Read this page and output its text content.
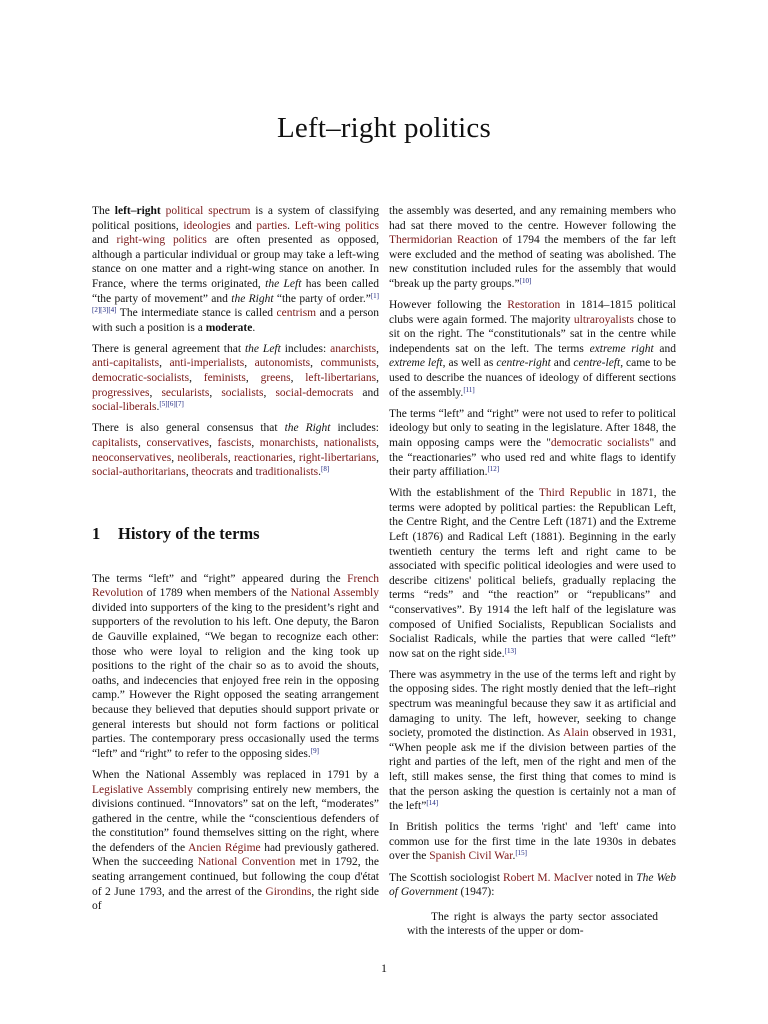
Left–right politics

The left–right political spectrum is a system of classifying political positions, ideologies and parties. Left-wing politics and right-wing politics are often presented as opposed, although a particular individual or group may take a left-wing stance on one matter and a right-wing stance on another. In France, where the terms originated, the Left has been called “the party of movement” and the Right “the party of order.”[1][2][3][4] The intermediate stance is called centrism and a person with such a position is a moderate.

There is general agreement that the Left includes: anarchists, anti-capitalists, anti-imperialists, autonomists, communists, democratic-socialists, feminists, greens, left-libertarians, progressives, secularists, socialists, social-democrats and social-liberals.[5][6][7]

There is also general consensus that the Right includes: capitalists, conservatives, fascists, monarchists, nationalists, neoconservatives, neoliberals, reactionaries, right-libertarians, social-authoritarians, theocrats and traditionalists.[8]

1 History of the terms

The terms “left” and “right” appeared during the French Revolution of 1789 when members of the National Assembly divided into supporters of the king to the president’s right and supporters of the revolution to his left. One deputy, the Baron de Gauville explained, “We began to recognize each other: those who were loyal to religion and the king took up positions to the right of the chair so as to avoid the shouts, oaths, and indecencies that enjoyed free rein in the opposing camp.” However the Right opposed the seating arrangement because they believed that deputies should support private or general interests but should not form factions or political parties. The contemporary press occasionally used the terms “left” and “right” to refer to the opposing sides.[9]

When the National Assembly was replaced in 1791 by a Legislative Assembly comprising entirely new members, the divisions continued. “Innovators” sat on the left, “moderates” gathered in the centre, while the “conscientious defenders of the constitution” found themselves sitting on the right, where the defenders of the Ancien Régime had previously gathered. When the succeeding National Convention met in 1792, the seating arrangement continued, but following the coup d'état of 2 June 1793, and the arrest of the Girondins, the right side of

the assembly was deserted, and any remaining members who had sat there moved to the centre. However following the Thermidorian Reaction of 1794 the members of the far left were excluded and the method of seating was abolished. The new constitution included rules for the assembly that would “break up the party groups.”[10]

However following the Restoration in 1814–1815 political clubs were again formed. The majority ultraroyalists chose to sit on the right. The “constitutionals” sat in the centre while independents sat on the left. The terms extreme right and extreme left, as well as centre-right and centre-left, came to be used to describe the nuances of ideology of different sections of the assembly.[11]

The terms “left” and “right” were not used to refer to political ideology but only to seating in the legislature. After 1848, the main opposing camps were the "democratic socialists" and the “reactionaries” who used red and white flags to identify their party affiliation.[12]

With the establishment of the Third Republic in 1871, the terms were adopted by political parties: the Republican Left, the Centre Right, and the Centre Left (1871) and the Extreme Left (1876) and Radical Left (1881). Beginning in the early twentieth century the terms left and right came to be associated with specific political ideologies and were used to describe citizens' political beliefs, gradually replacing the terms “reds” and “the reaction” or “republicans” and “conservatives”. By 1914 the left half of the legislature was composed of Unified Socialists, Republican Socialists and Socialist Radicals, while the parties that were called “left” now sat on the right side.[13]

There was asymmetry in the use of the terms left and right by the opposing sides. The right mostly denied that the left–right spectrum was meaningful because they saw it as artificial and damaging to unity. The left, however, seeking to change society, promoted the distinction. As Alain observed in 1931, “When people ask me if the division between parties of the right and parties of the left, men of the right and men of the left, still makes sense, the first thing that comes to mind is that the person asking the question is certainly not a man of the left”[14]

In British politics the terms 'right' and 'left' came into common use for the first time in the late 1930s in debates over the Spanish Civil War.[15]

The Scottish sociologist Robert M. MacIver noted in The Web of Government (1947):

The right is always the party sector associated with the interests of the upper or dom-
1
